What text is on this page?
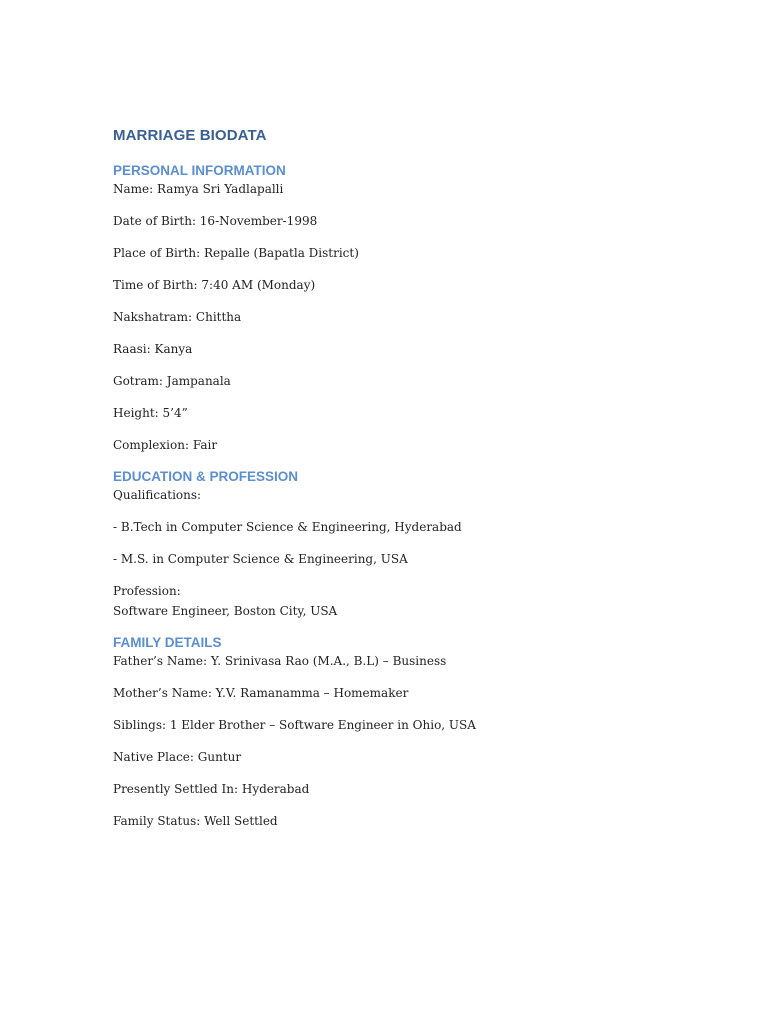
MARRIAGE BIODATA
PERSONAL INFORMATION
Name: Ramya Sri Yadlapalli
Date of Birth: 16-November-1998
Place of Birth: Repalle (Bapatla District)
Time of Birth: 7:40 AM (Monday)
Nakshatram: Chittha
Raasi: Kanya
Gotram: Jampanala
Height: 5’4”
Complexion: Fair
EDUCATION & PROFESSION
Qualifications:
- B.Tech in Computer Science & Engineering, Hyderabad
- M.S. in Computer Science & Engineering, USA
Profession:
Software Engineer, Boston City, USA
FAMILY DETAILS
Father’s Name: Y. Srinivasa Rao (M.A., B.L) – Business
Mother’s Name: Y.V. Ramanamma – Homemaker
Siblings: 1 Elder Brother – Software Engineer in Ohio, USA
Native Place: Guntur
Presently Settled In: Hyderabad
Family Status: Well Settled
